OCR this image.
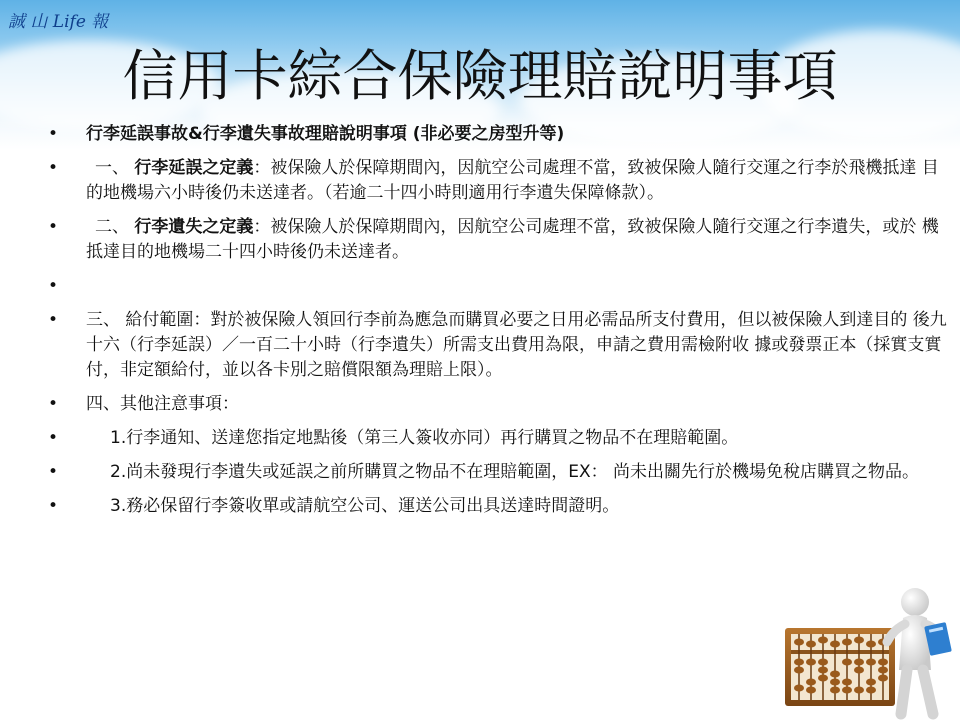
誠 山 Life 報
信用卡綜合保險理賠說明事項
• 行李延誤事故&行李遺失事故理賠說明事項 (非必要之房型升等)
• 一、 行李延誤之定義：被保險人於保障期間內，因航空公司處理不當，致被保險人隨行交運之行李於飛機抵達 目的地機場六小時後仍未送達者。（若逾二十四小時則適用行李遺失保障條款）。
• 二、 行李遺失之定義：被保險人於保障期間內，因航空公司處理不當，致被保險人隨行交運之行李遺失，或於 機抵達目的地機場二十四小時後仍未送達者。
•
• 三、 給付範圍：對於被保險人領回行李前為應急而購買必要之日用必需品所支付費用，但以被保險人到達目的 後九十六（行李延誤）／一百二十小時（行李遺失）所需支出費用為限，申請之費用需檢附收 據或發票正本（採實支實付，非定額給付，並以各卡別之賠償限額為理賠上限）。
• 四、其他注意事項：
•	1.行李通知、送達您指定地點後（第三人簽收亦同）再行購買之物品不在理賠範圍。
•	2.尚未發現行李遺失或延誤之前所購買之物品不在理賠範圍，EX： 尚未出關先行於機場免稅店購買之物品。
•	3.務必保留行李簽收單或請航空公司、運送公司出具送達時間證明。
